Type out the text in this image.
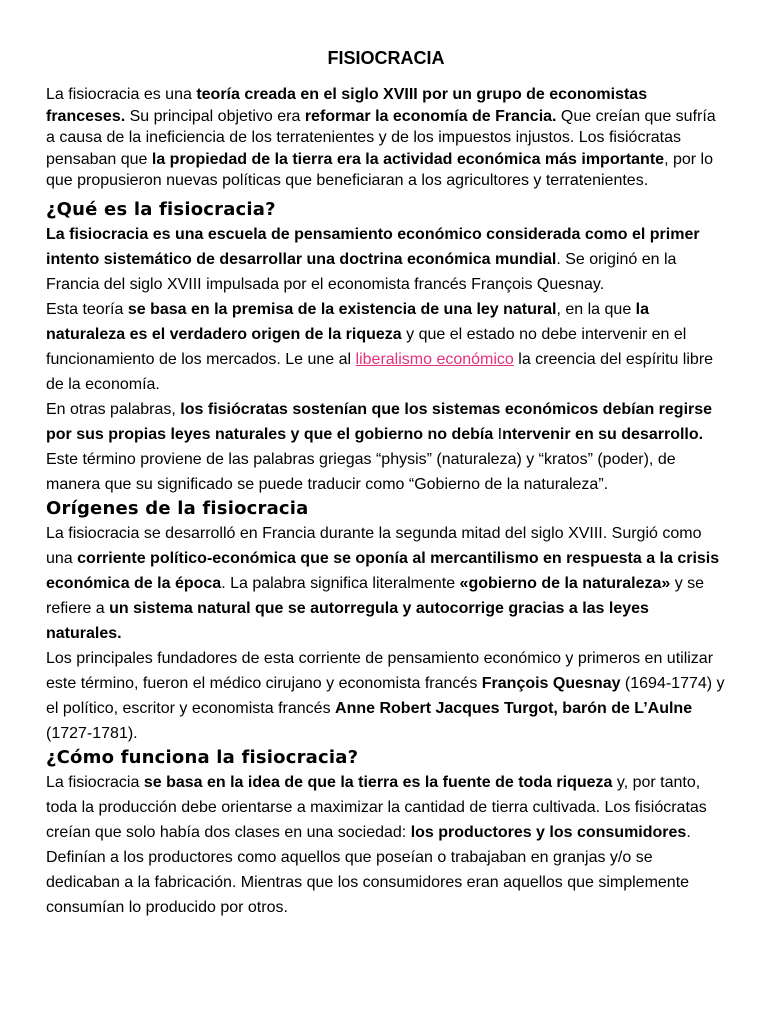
FISIOCRACIA

La fisiocracia es una teoría creada en el siglo XVIII por un grupo de economistas franceses. Su principal objetivo era reformar la economía de Francia. Que creían que sufría a causa de la ineficiencia de los terratenientes y de los impuestos injustos. Los fisiócratas pensaban que la propiedad de la tierra era la actividad económica más importante, por lo que propusieron nuevas políticas que beneficiaran a los agricultores y terratenientes.

¿Qué es la fisiocracia?

La fisiocracia es una escuela de pensamiento económico considerada como el primer intento sistemático de desarrollar una doctrina económica mundial. Se originó en la Francia del siglo XVIII impulsada por el economista francés François Quesnay.

Esta teoría se basa en la premisa de la existencia de una ley natural, en la que la naturaleza es el verdadero origen de la riqueza y que el estado no debe intervenir en el funcionamiento de los mercados. Le une al liberalismo económico la creencia del espíritu libre de la economía.

En otras palabras, los fisiócratas sostenían que los sistemas económicos debían regirse por sus propias leyes naturales y que el gobierno no debía Intervenir en su desarrollo. Este término proviene de las palabras griegas “physis” (naturaleza) y “kratos” (poder), de manera que su significado se puede traducir como “Gobierno de la naturaleza”.

Orígenes de la fisiocracia

La fisiocracia se desarrolló en Francia durante la segunda mitad del siglo XVIII. Surgió como una corriente político-económica que se oponía al mercantilismo en respuesta a la crisis económica de la época. La palabra significa literalmente «gobierno de la naturaleza» y se refiere a un sistema natural que se autorregula y autocorrige gracias a las leyes naturales.

Los principales fundadores de esta corriente de pensamiento económico y primeros en utilizar este término, fueron el médico cirujano y economista francés François Quesnay (1694-1774) y el político, escritor y economista francés Anne Robert Jacques Turgot, barón de L’Aulne (1727-1781).

¿Cómo funciona la fisiocracia?

La fisiocracia se basa en la idea de que la tierra es la fuente de toda riqueza y, por tanto, toda la producción debe orientarse a maximizar la cantidad de tierra cultivada. Los fisiócratas creían que solo había dos clases en una sociedad: los productores y los consumidores. Definían a los productores como aquellos que poseían o trabajaban en granjas y/o se dedicaban a la fabricación. Mientras que los consumidores eran aquellos que simplemente consumían lo producido por otros.
